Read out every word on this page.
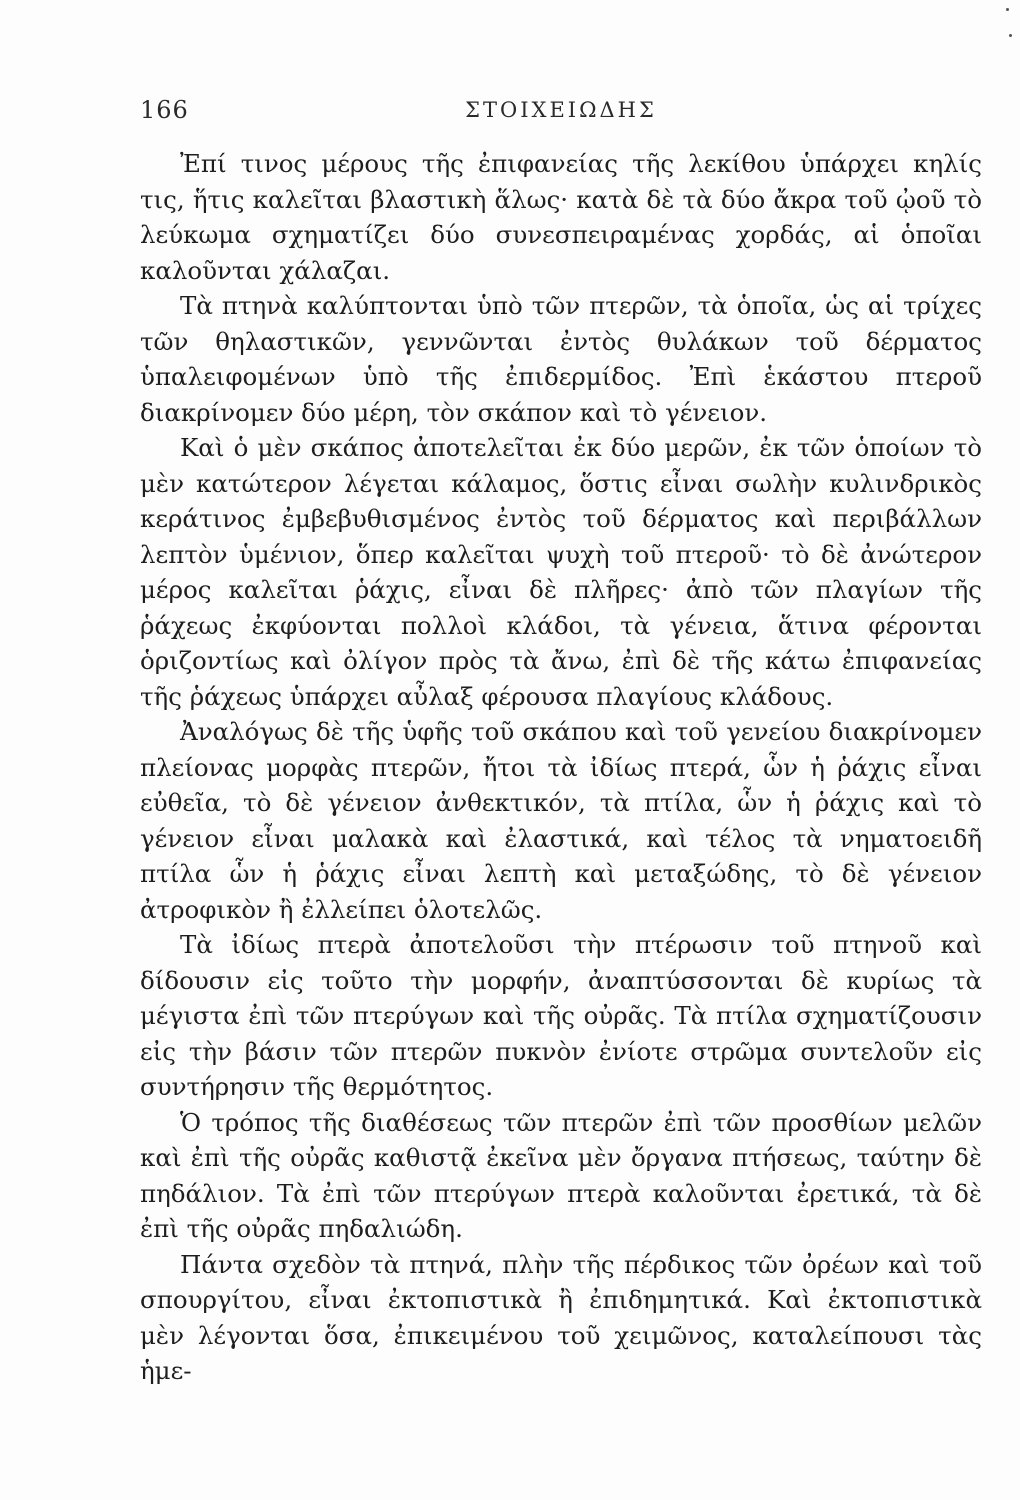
166	ΣΤΟΙΧΕΙΩΔΗΣ

Ἐπί τινος μέρους τῆς ἐπιφανείας τῆς λεκίθου ὑπάρχει κηλίς τις, ἥτις καλεῖται βλαστικὴ ἅλως· κατὰ δὲ τὰ δύο ἄκρα τοῦ ᾠοῦ τὸ λεύκωμα σχηματίζει δύο συνεσπειραμένας χορδάς, αἱ ὁποῖαι καλοῦνται χάλαζαι.

Τὰ πτηνὰ καλύπτονται ὑπὸ τῶν πτερῶν, τὰ ὁποῖα, ὡς αἱ τρίχες τῶν θηλαστικῶν, γεννῶνται ἐντὸς θυλάκων τοῦ δέρματος ὑπαλειφομένων ὑπὸ τῆς ἐπιδερμίδος. Ἐπὶ ἑκάστου πτεροῦ διακρίνομεν δύο μέρη, τὸν σκάπον καὶ τὸ γένειον.

Καὶ ὁ μὲν σκάπος ἀποτελεῖται ἐκ δύο μερῶν, ἐκ τῶν ὁποίων τὸ μὲν κατώτερον λέγεται κάλαμος, ὅστις εἶναι σωλὴν κυλινδρικὸς κεράτινος ἐμβεβυθισμένος ἐντὸς τοῦ δέρματος καὶ περιβάλλων λεπτὸν ὑμένιον, ὅπερ καλεῖται ψυχὴ τοῦ πτεροῦ· τὸ δὲ ἀνώτερον μέρος καλεῖται ῥάχις, εἶναι δὲ πλῆρες· ἀπὸ τῶν πλαγίων τῆς ῥάχεως ἐκφύονται πολλοὶ κλάδοι, τὰ γένεια, ἅτινα φέρονται ὁριζοντίως καὶ ὀλίγον πρὸς τὰ ἄνω, ἐπὶ δὲ τῆς κάτω ἐπιφανείας τῆς ῥάχεως ὑπάρχει αὖλαξ φέρουσα πλαγίους κλάδους.

Ἀναλόγως δὲ τῆς ὑφῆς τοῦ σκάπου καὶ τοῦ γενείου διακρίνομεν πλείονας μορφὰς πτερῶν, ἤτοι τὰ ἰδίως πτερά, ὧν ἡ ῥάχις εἶναι εὐθεῖα, τὸ δὲ γένειον ἀνθεκτικόν, τὰ πτίλα, ὧν ἡ ῥάχις καὶ τὸ γένειον εἶναι μαλακὰ καὶ ἐλαστικά, καὶ τέλος τὰ νηματοειδῆ πτίλα ὧν ἡ ῥάχις εἶναι λεπτὴ καὶ μεταξώδης, τὸ δὲ γένειον ἀτροφικὸν ἢ ἐλλείπει ὁλοτελῶς.

Τὰ ἰδίως πτερὰ ἀποτελοῦσι τὴν πτέρωσιν τοῦ πτηνοῦ καὶ δίδουσιν εἰς τοῦτο τὴν μορφήν, ἀναπτύσσονται δὲ κυρίως τὰ μέγιστα ἐπὶ τῶν πτερύγων καὶ τῆς οὐρᾶς. Τὰ πτίλα σχηματίζουσιν εἰς τὴν βάσιν τῶν πτερῶν πυκνὸν ἐνίοτε στρῶμα συντελοῦν εἰς συντήρησιν τῆς θερμότητος.

Ὁ τρόπος τῆς διαθέσεως τῶν πτερῶν ἐπὶ τῶν προσθίων μελῶν καὶ ἐπὶ τῆς οὐρᾶς καθιστᾷ ἐκεῖνα μὲν ὄργανα πτήσεως, ταύτην δὲ πηδάλιον. Τὰ ἐπὶ τῶν πτερύγων πτερὰ καλοῦνται ἐρετικά, τὰ δὲ ἐπὶ τῆς οὐρᾶς πηδαλιώδη.

Πάντα σχεδὸν τὰ πτηνά, πλὴν τῆς πέρδικος τῶν ὀρέων καὶ τοῦ σπουργίτου, εἶναι ἐκτοπιστικὰ ἢ ἐπιδημητικά. Καὶ ἐκτοπιστικὰ μὲν λέγονται ὅσα, ἐπικειμένου τοῦ χειμῶνος, καταλείπουσι τὰς ἡμε-
